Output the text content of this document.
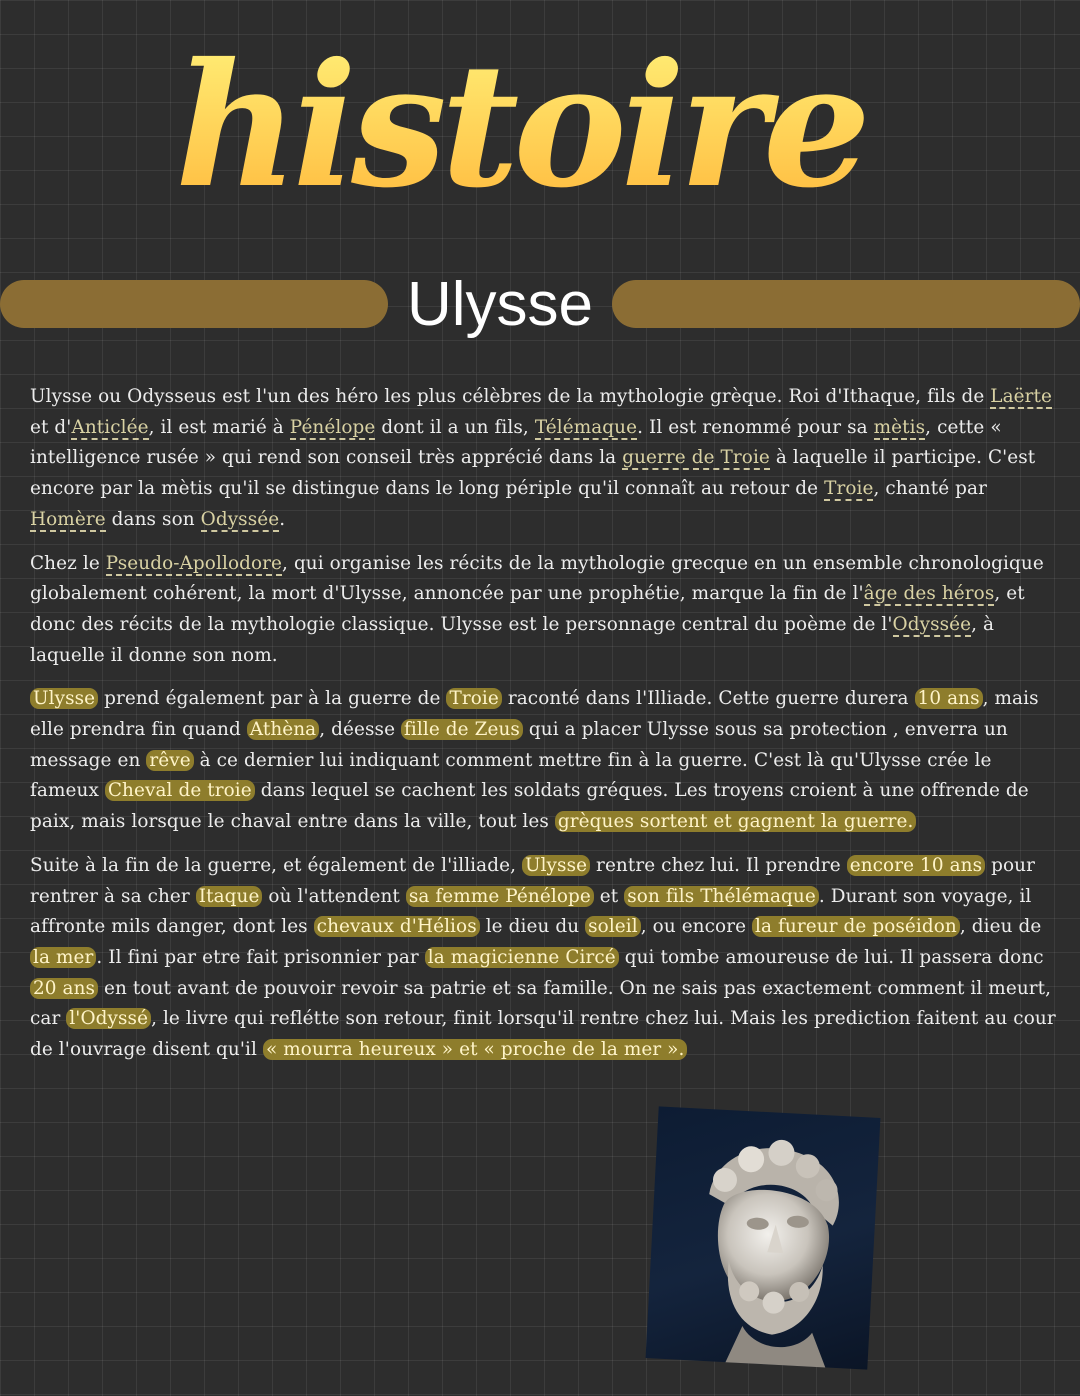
histoire
Ulysse

Ulysse ou Odysseus est l'un des héro les plus célèbres de la mythologie grèque. Roi d'Ithaque, fils de Laërte et d'Anticlée, il est marié à Pénélope dont il a un fils, Télémaque. Il est renommé pour sa mètis, cette « intelligence rusée » qui rend son conseil très apprécié dans la guerre de Troie à laquelle il participe. C'est encore par la mètis qu'il se distingue dans le long périple qu'il connaît au retour de Troie, chanté par Homère dans son Odyssée.

Chez le Pseudo-Apollodore, qui organise les récits de la mythologie grecque en un ensemble chronologique globalement cohérent, la mort d'Ulysse, annoncée par une prophétie, marque la fin de l'âge des héros, et donc des récits de la mythologie classique. Ulysse est le personnage central du poème de l'Odyssée, à laquelle il donne son nom.

Ulysse prend également par à la guerre de Troie raconté dans l'Illiade. Cette guerre durera 10 ans , mais elle prendra fin quand Athèna , déesse fille de Zeus qui a placer Ulysse sous sa protection , enverra un message en rêve à ce dernier lui indiquant comment mettre fin à la guerre. C'est là qu'Ulysse crée le fameux Cheval de troie dans lequel se cachent les soldats gréques. Les troyens croient à une offrende de paix, mais lorsque le chaval entre dans la ville, tout les grèques sortent et gagnent la guerre.

Suite à la fin de la guerre, et également de l'illiade, Ulysse rentre chez lui. Il prendre encore 10 ans pour rentrer à sa cher Itaque où l'attendent sa femme Pénélope et son fils Thélémaque . Durant son voyage, il affronte mils danger, dont les chevaux d'Hélios le dieu du soleil , ou encore la fureur de poséidon , dieu de la mer . Il fini par etre fait prisonnier par la magicienne Circé qui tombe amoureuse de lui. Il passera donc 20 ans en tout avant de pouvoir revoir sa patrie et sa famille. On ne sais pas exactement comment il meurt, car l'Odyssé , le livre qui reflétte son retour, finit lorsqu'il rentre chez lui. Mais les prediction faitent au cour de l'ouvrage disent qu'il « mourra heureux » et « proche de la mer ».
